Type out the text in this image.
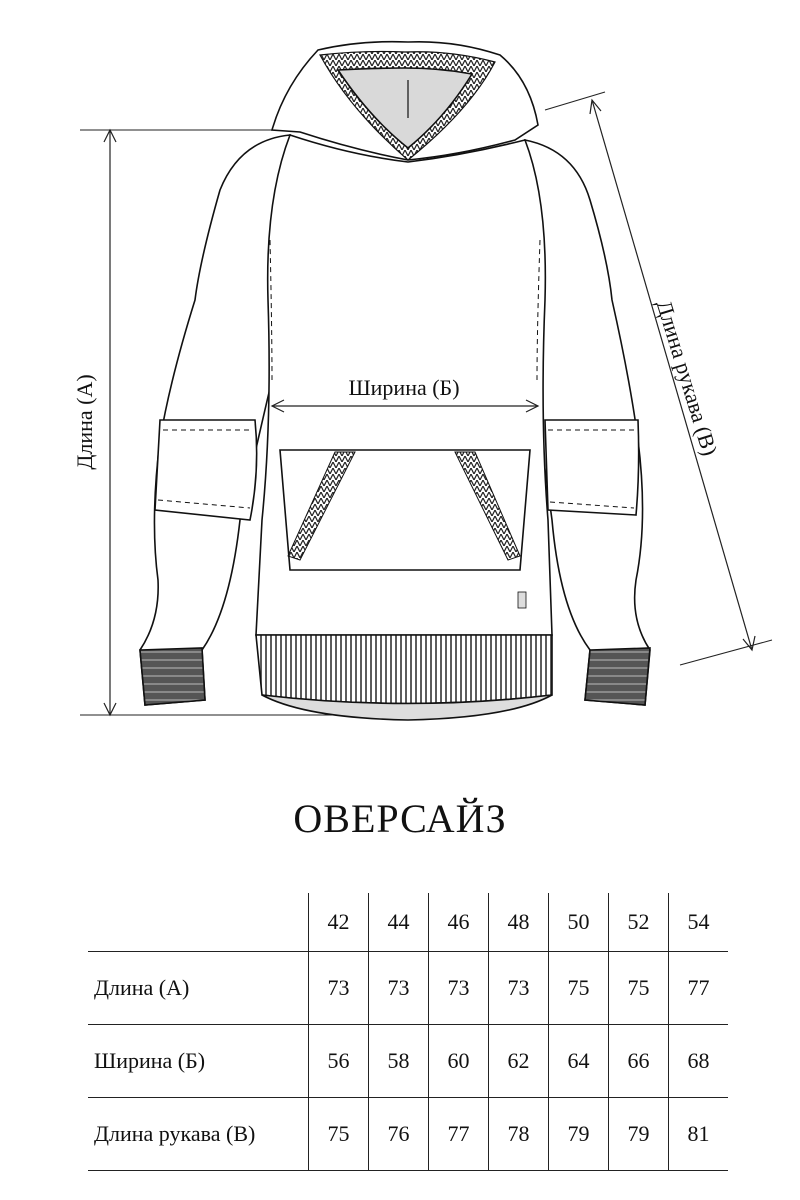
Длина (А)	Длина рукава (В)
Ширина (Б)
ОВЕРСАЙЗ
	42	44	46	48	50	52	54
Длина (А)	73	73	73	73	75	75	77
Ширина (Б)	56	58	60	62	64	66	68
Длина рукава (В)	75	76	77	78	79	79	81
